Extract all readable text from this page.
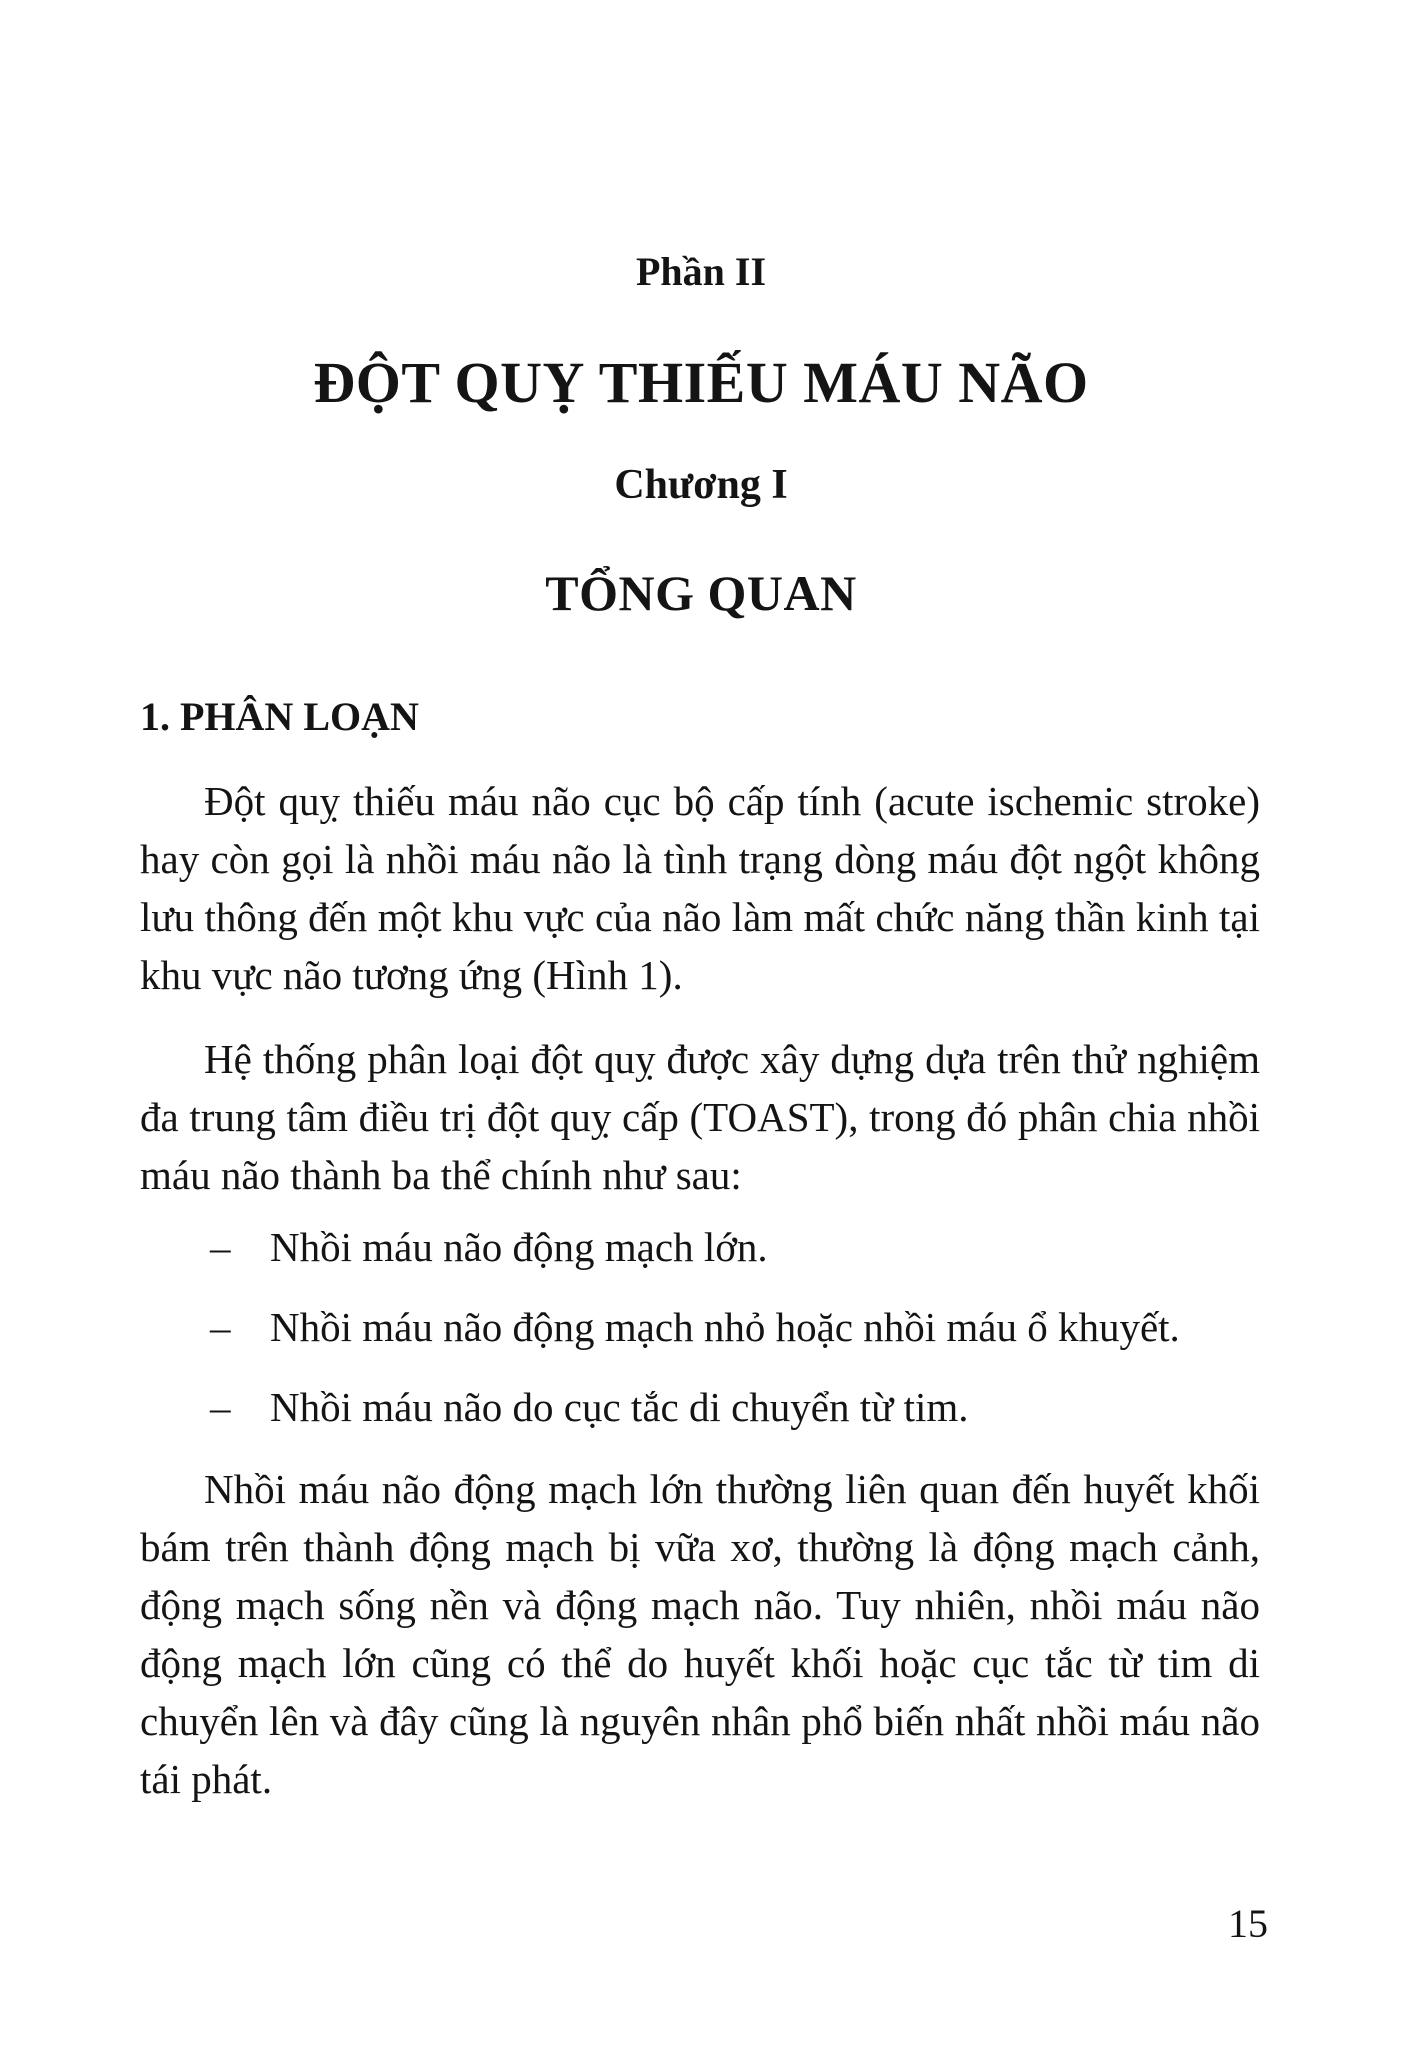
Phần II
ĐỘT QUỴ THIẾU MÁU NÃO
Chương I
TỔNG QUAN
1. PHÂN LOẠN
Đột quỵ thiếu máu não cục bộ cấp tính (acute ischemic stroke) hay còn gọi là nhồi máu não là tình trạng dòng máu đột ngột không lưu thông đến một khu vực của não làm mất chức năng thần kinh tại khu vực não tương ứng (Hình 1).
Hệ thống phân loại đột quỵ được xây dựng dựa trên thử nghiệm đa trung tâm điều trị đột quỵ cấp (TOAST), trong đó phân chia nhồi máu não thành ba thể chính như sau:
– Nhồi máu não động mạch lớn.
– Nhồi máu não động mạch nhỏ hoặc nhồi máu ổ khuyết.
– Nhồi máu não do cục tắc di chuyển từ tim.
Nhồi máu não động mạch lớn thường liên quan đến huyết khối bám trên thành động mạch bị vữa xơ, thường là động mạch cảnh, động mạch sống nền và động mạch não. Tuy nhiên, nhồi máu não động mạch lớn cũng có thể do huyết khối hoặc cục tắc từ tim di chuyển lên và đây cũng là nguyên nhân phổ biến nhất nhồi máu não tái phát.
15
